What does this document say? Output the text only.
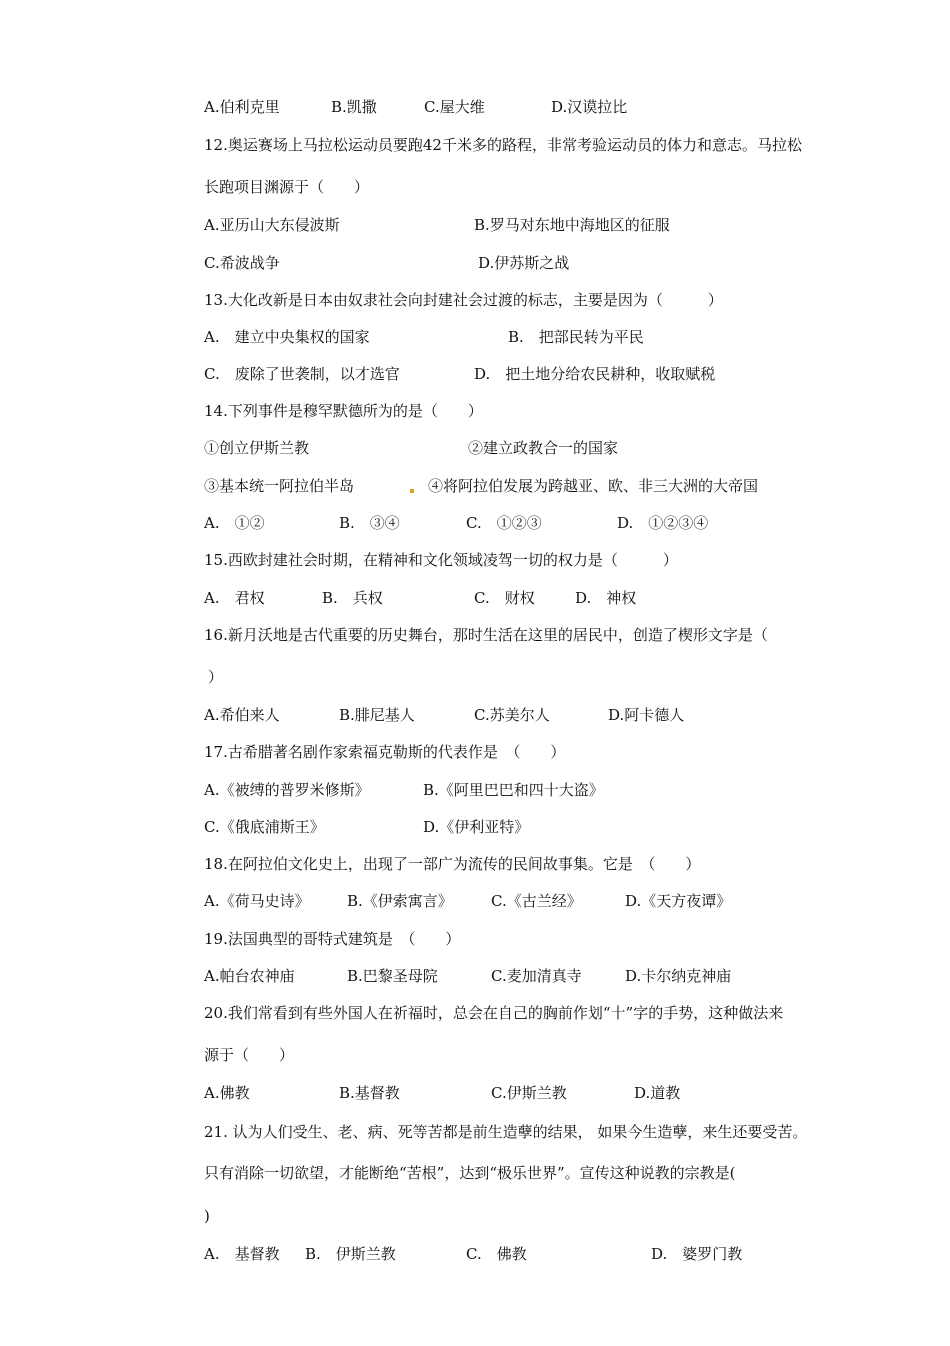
A.伯利克里	B.凯撒	C.屋大维	D.汉谟拉比
12.奥运赛场上马拉松运动员要跑42千米多的路程，非常考验运动员的体力和意志。马拉松
长跑项目渊源于（　　）
A.亚历山大东侵波斯	B.罗马对东地中海地区的征服
C.希波战争	D.伊苏斯之战
13.大化改新是日本由奴隶社会向封建社会过渡的标志，主要是因为（　　　）
A.　建立中央集权的国家	B.　把部民转为平民
C.　废除了世袭制，以才选官	D.　把土地分给农民耕种，收取赋税
14.下列事件是穆罕默德所为的是（　　）
①创立伊斯兰教	②建立政教合一的国家
③基本统一阿拉伯半岛	④将阿拉伯发展为跨越亚、欧、非三大洲的大帝国
A.　①②	B.　③④	C.　①②③	D.　①②③④
15.西欧封建社会时期，在精神和文化领域凌驾一切的权力是（　　　）
A.　君权	B.　兵权	C.　财权	D.　神权
16.新月沃地是古代重要的历史舞台，那时生活在这里的居民中，创造了楔形文字是（
）
A.希伯来人	B.腓尼基人	C.苏美尔人	D.阿卡德人
17.古希腊著名剧作家索福克勒斯的代表作是　（　　）
A.《被缚的普罗米修斯》	B.《阿里巴巴和四十大盗》
C.《俄底浦斯王》	D.《伊利亚特》
18.在阿拉伯文化史上，出现了一部广为流传的民间故事集。它是　（　　）
A.《荷马史诗》 B.《伊索寓言》	C.《古兰经》	D.《天方夜谭》
19.法国典型的哥特式建筑是　（　　）
A.帕台农神庙	B.巴黎圣母院	C.麦加清真寺	D.卡尔纳克神庙
20.我们常看到有些外国人在祈福时，总会在自己的胸前作划“十”字的手势，这种做法来
源于（　　）
A.佛教	B.基督教	C.伊斯兰教	D.道教
21. 认为人们受生、老、病、死等苦都是前生造孽的结果， 如果今生造孽，来生还要受苦。
只有消除一切欲望，才能断绝“苦根”，达到“极乐世界”。宣传这种说教的宗教是(
)
A.　基督教 B.　伊斯兰教	C.　佛教	D.　婆罗门教
